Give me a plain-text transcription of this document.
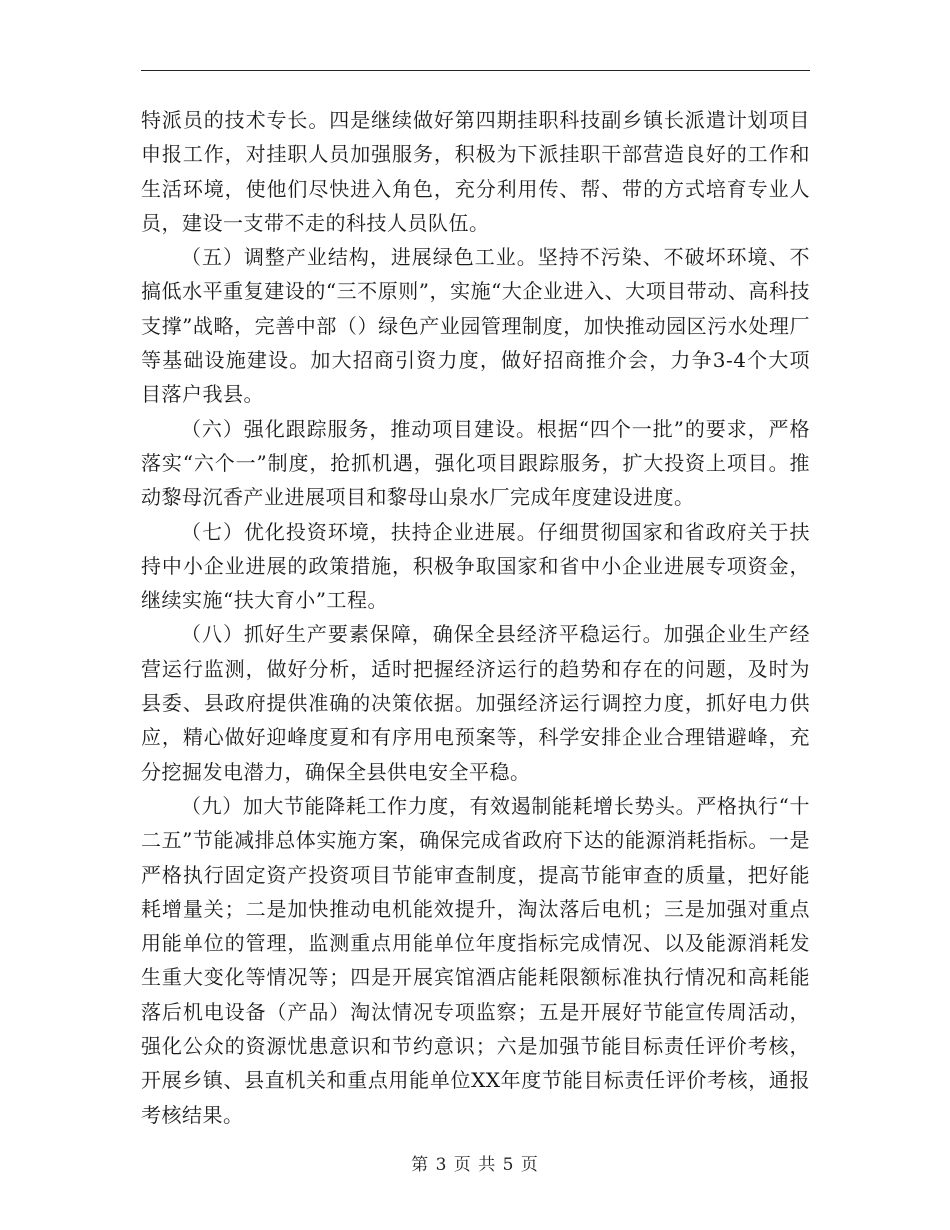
特派员的技术专长。四是继续做好第四期挂职科技副乡镇长派遣计划项目申报工作，对挂职人员加强服务，积极为下派挂职干部营造良好的工作和生活环境，使他们尽快进入角色，充分利用传、帮、带的方式培育专业人员，建设一支带不走的科技人员队伍。

（五）调整产业结构，进展绿色工业。坚持不污染、不破坏环境、不搞低水平重复建设的“三不原则”，实施“大企业进入、大项目带动、高科技支撑”战略，完善中部（）绿色产业园管理制度，加快推动园区污水处理厂等基础设施建设。加大招商引资力度，做好招商推介会，力争3-4个大项目落户我县。

（六）强化跟踪服务，推动项目建设。根据“四个一批”的要求，严格落实“六个一”制度，抢抓机遇，强化项目跟踪服务，扩大投资上项目。推动黎母沉香产业进展项目和黎母山泉水厂完成年度建设进度。

（七）优化投资环境，扶持企业进展。仔细贯彻国家和省政府关于扶持中小企业进展的政策措施，积极争取国家和省中小企业进展专项资金，继续实施“扶大育小”工程。

（八）抓好生产要素保障，确保全县经济平稳运行。加强企业生产经营运行监测，做好分析，适时把握经济运行的趋势和存在的问题，及时为县委、县政府提供准确的决策依据。加强经济运行调控力度，抓好电力供应，精心做好迎峰度夏和有序用电预案等，科学安排企业合理错避峰，充分挖掘发电潜力，确保全县供电安全平稳。

（九）加大节能降耗工作力度，有效遏制能耗增长势头。严格执行“十二五”节能减排总体实施方案，确保完成省政府下达的能源消耗指标。一是严格执行固定资产投资项目节能审查制度，提高节能审查的质量，把好能耗增量关；二是加快推动电机能效提升，淘汰落后电机；三是加强对重点用能单位的管理，监测重点用能单位年度指标完成情况、以及能源消耗发生重大变化等情况等；四是开展宾馆酒店能耗限额标准执行情况和高耗能落后机电设备（产品）淘汰情况专项监察；五是开展好节能宣传周活动，强化公众的资源忧患意识和节约意识；六是加强节能目标责任评价考核，开展乡镇、县直机关和重点用能单位XX年度节能目标责任评价考核，通报考核结果。

第 3 页 共 5 页
